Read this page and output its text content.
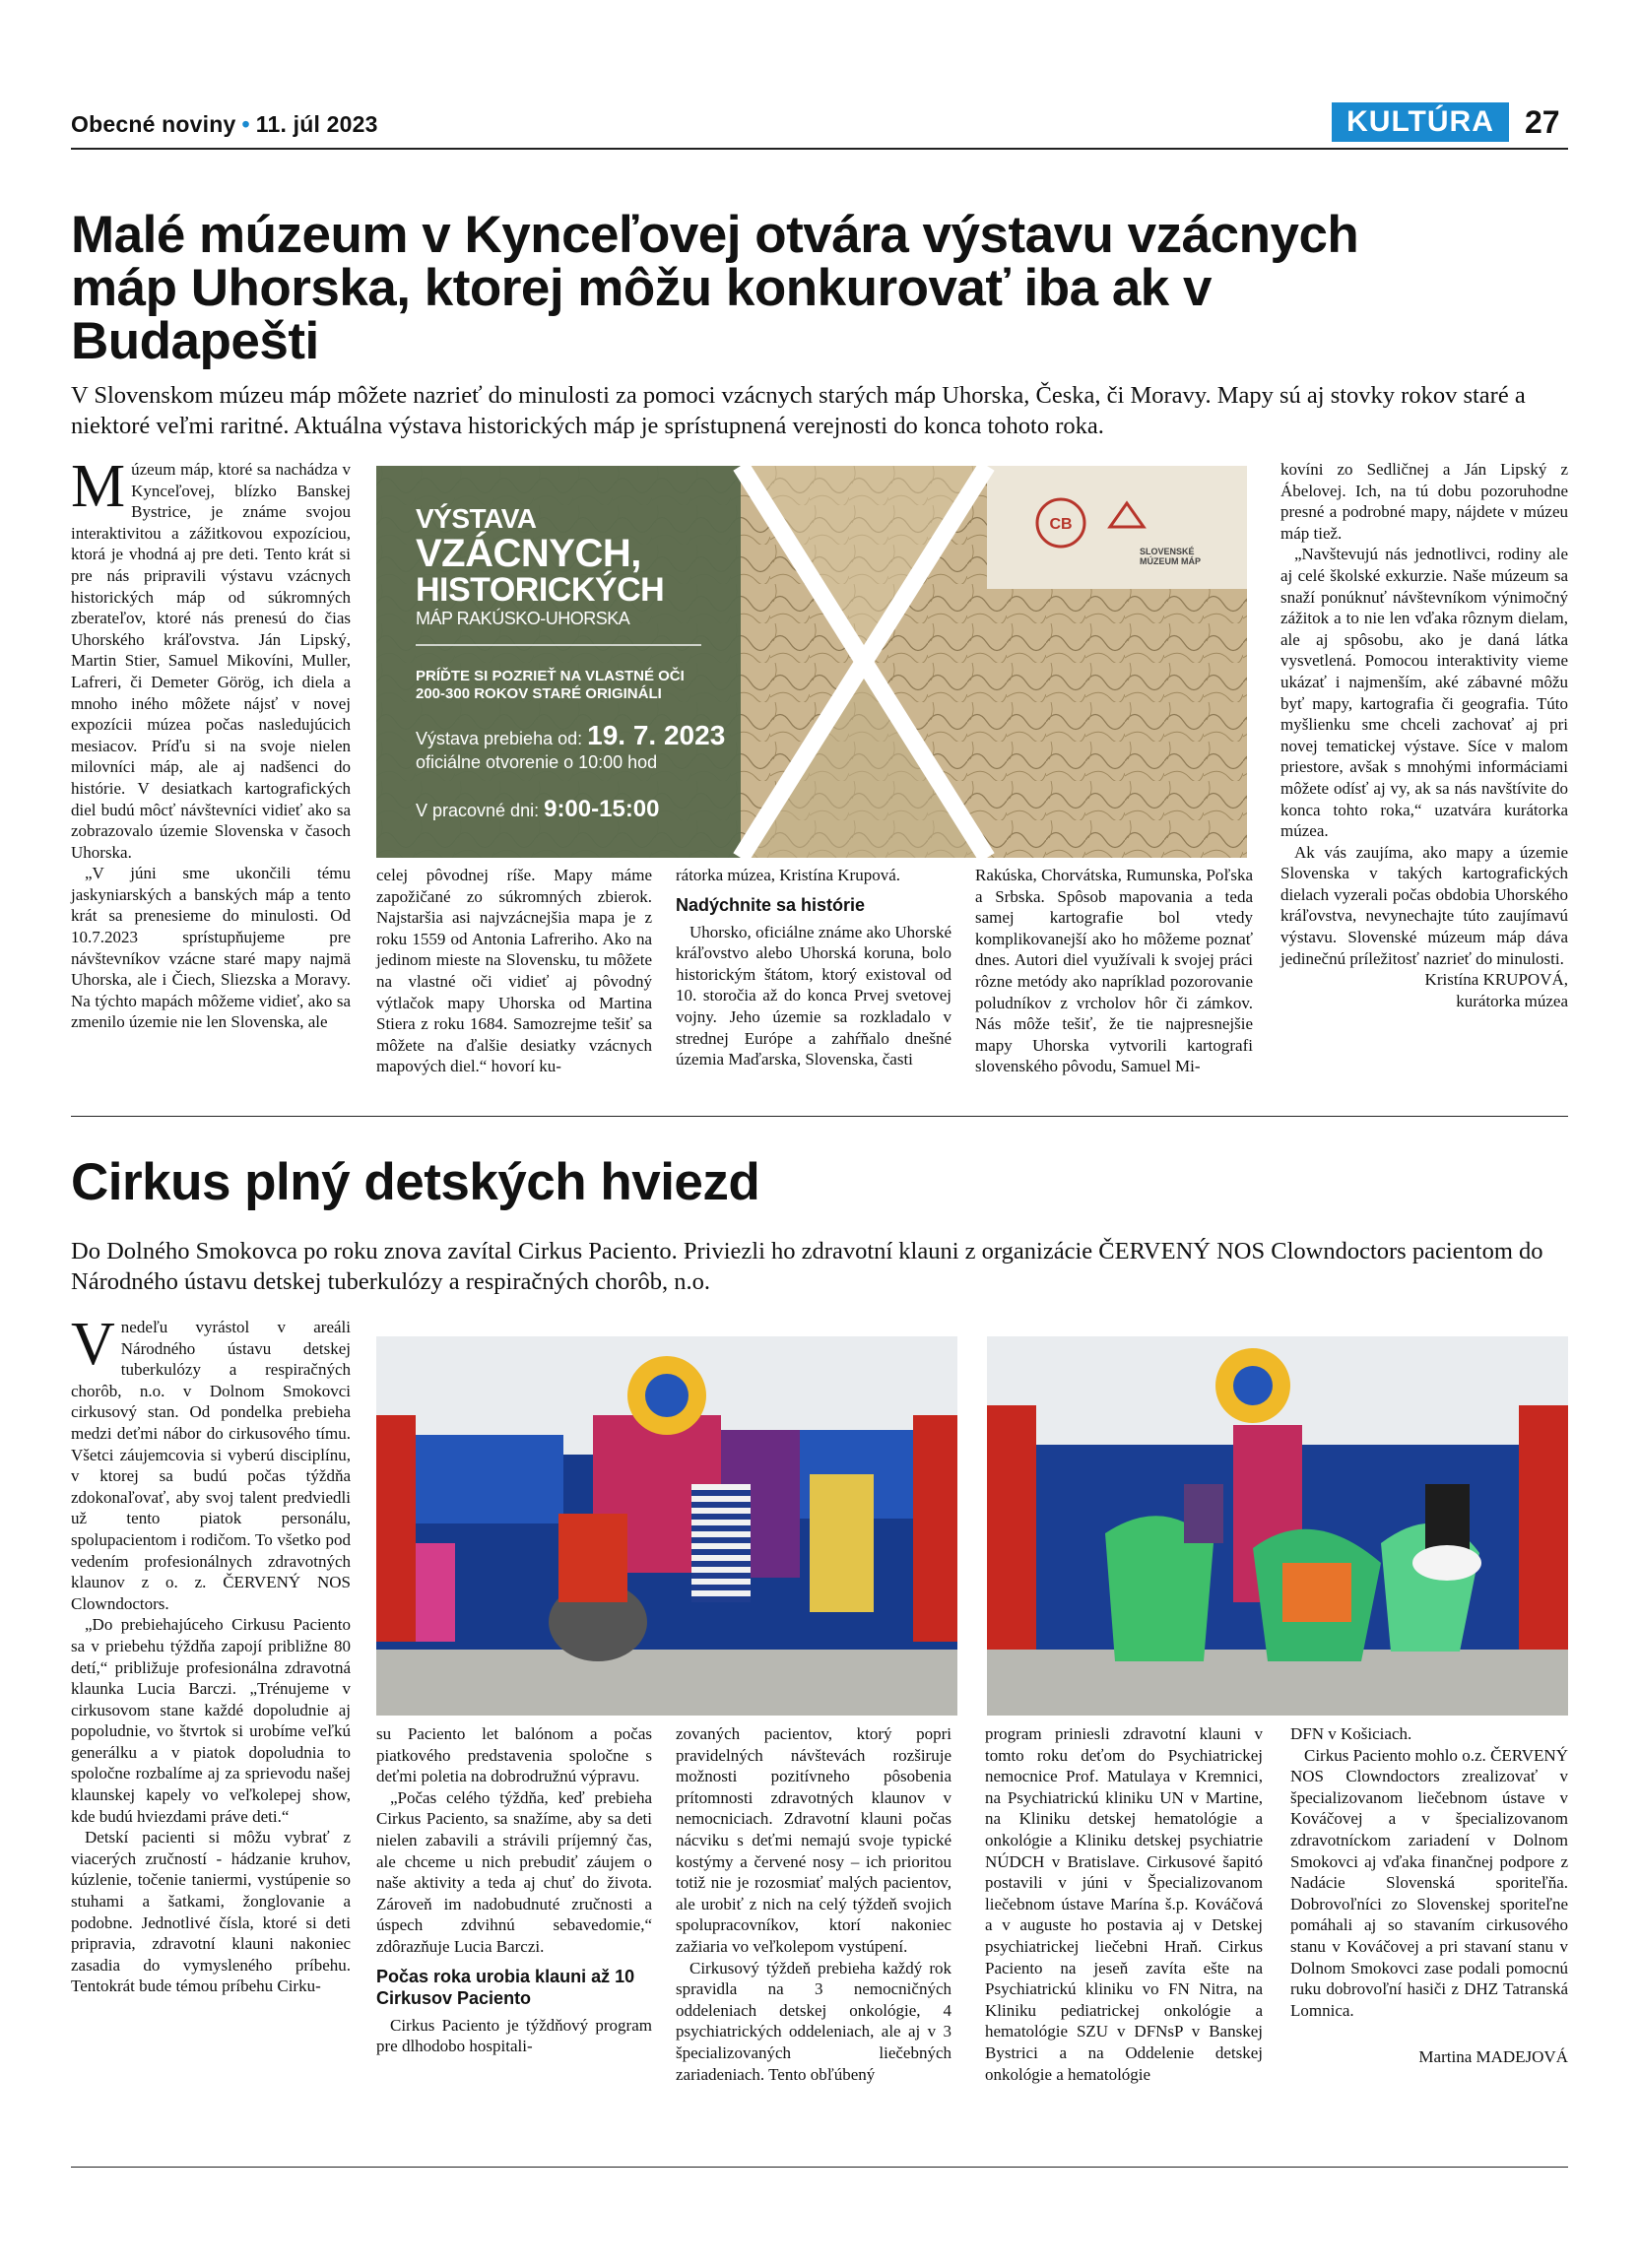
Obecné noviny • 11. júl 2023	KULTÚRA 27
Malé múzeum v Kynceľovej otvára výstavu vzácnych máp Uhorska, ktorej môžu konkurovať iba ak v Budapešti
V Slovenskom múzeu máp môžete nazrieť do minulosti za pomoci vzácnych starých máp Uhorska, Česka, či Moravy. Mapy sú aj stovky rokov staré a niektoré veľmi raritné. Aktuálna výstava historických máp je sprístupnená verejnosti do konca tohoto roka.

Múzeum máp, ktoré sa nachádza v Kynceľovej, blízko Banskej Bystrice, je známe svojou interaktivitou a zážitkovou expozíciou, ktorá je vhodná aj pre deti. Tento krát si pre nás pripravili výstavu vzácnych historických máp od súkromných zberateľov, ktoré nás prenesú do čias Uhorského kráľovstva. Ján Lipský, Martin Stier, Samuel Mikovíni, Muller, Lafreri, či Demeter Görög, ich diela a mnoho iného môžete nájsť v novej expozícii múzea počas nasledujúcich mesiacov. Príďu si na svoje nielen milovníci máp, ale aj nadšenci do histórie. V desiatkach kartografických diel budú môcť návštevníci vidieť ako sa zobrazovalo územie Slovenska v časoch Uhorska.

„V júni sme ukončili tému jaskyniarských a banských máp a tento krát sa prenesieme do minulosti. Od 10.7.2023 sprístupňujeme pre návštevníkov vzácne staré mapy najmä Uhorska, ale i Čiech, Sliezska a Moravy. Na týchto mapách môžeme vidieť, ako sa zmenilo územie nie len Slovenska, ale

CB
VÝSTAVA
VZÁCNYCH,
HISTORICKÝCH
MÁP RAKÚSKO-UHORSKA
PRÍĎTE SI POZRIEŤ NA VLASTNÉ OČI
200-300 ROKOV STARÉ ORIGINÁLI
Výstava prebieha od: 19. 7. 2023
oficiálne otvorenie o 10:00 hod
V pracovné dni: 9:00-15:00
SLOVENSKÉ MÚZEUM MÁP

celej pôvodnej ríše. Mapy máme zapožičané zo súkromných zbierok. Najstaršia asi najvzácnejšia mapa je z roku 1559 od Antonia Lafreriho. Ako na jedinom mieste na Slovensku, tu môžete na vlastné oči vidieť aj pôvodný výtlačok mapy Uhorska od Martina Stiera z roku 1684. Samozrejme tešiť sa môžete na ďalšie desiatky vzácnych mapových diel.“ hovorí ku-

rátorka múzea, Kristína Krupová.

Nadýchnite sa histórie

Uhorsko, oficiálne známe ako Uhorské kráľovstvo alebo Uhorská koruna, bolo historickým štátom, ktorý existoval od 10. storočia až do konca Prvej svetovej vojny. Jeho územie sa rozkladalo v strednej Európe a zahŕňalo dnešné územia Maďarska, Slovenska, časti

Rakúska, Chorvátska, Rumunska, Poľska a Srbska. Spôsob mapovania a teda samej kartografie bol vtedy komplikovanejší ako ho môžeme poznať dnes. Autori diel využívali k svojej práci rôzne metódy ako napríklad pozorovanie poludníkov z vrcholov hôr či zámkov. Nás môže tešiť, že tie najpresnejšie mapy Uhorska vytvorili kartografi slovenského pôvodu, Samuel Mi-

kovíni zo Sedličnej a Ján Lipský z Ábelovej. Ich, na tú dobu pozoruhodne presné a podrobné mapy, nájdete v múzeu máp tiež.

„Navštevujú nás jednotlivci, rodiny ale aj celé školské exkurzie. Naše múzeum sa snaží ponúknuť návštevníkom výnimočný zážitok a to nie len vďaka rôznym dielam, ale aj spôsobu, ako je daná látka vysvetlená. Pomocou interaktivity vieme ukázať i najmenším, aké zábavné môžu byť mapy, kartografia či geografia. Túto myšlienku sme chceli zachovať aj pri novej tematickej výstave. Síce v malom priestore, avšak s mnohými informáciami môžete odísť aj vy, ak sa nás navštívite do konca tohto roka,“ uzatvára kurátorka múzea.

Ak vás zaujíma, ako mapy a územie Slovenska v takých kartografických dielach vyzerali počas obdobia Uhorského kráľovstva, nevynechajte túto zaujímavú výstavu. Slovenské múzeum máp dáva jedinečnú príležitosť nazrieť do minulosti.

Kristína KRUPOVÁ,

kurátorka múzea

Cirkus plný detských hviezd
Do Dolného Smokovca po roku znova zavítal Cirkus Paciento. Priviezli ho zdravotní klauni z organizácie ČERVENÝ NOS Clowndoctors pacientom do Národného ústavu detskej tuberkulózy a respiračných chorôb, n.o.

Vnedeľu vyrástol v areáli Národného ústavu detskej tuberkulózy a respiračných chorôb, n.o. v Dolnom Smokovci cirkusový stan. Od pondelka prebieha medzi deťmi nábor do cirkusového tímu. Všetci záujemcovia si vyberú disciplínu, v ktorej sa budú počas týždňa zdokonaľovať, aby svoj talent predviedli už tento piatok personálu, spolupacientom i rodičom. To všetko pod vedením profesionálnych zdravotných klaunov z o. z. ČERVENÝ NOS Clowndoctors.

„Do prebiehajúceho Cirkusu Paciento sa v priebehu týždňa zapojí približne 80 detí,“ približuje profesionálna zdravotná klaunka Lucia Barczi. „Trénujeme v cirkusovom stane každé dopoludnie aj popoludnie, vo štvrtok si urobíme veľkú generálku a v piatok dopoludnia to spoločne rozbalíme aj za sprievodu našej klaunskej kapely vo veľkolepej show, kde budú hviezdami práve deti.“

Detskí pacienti si môžu vybrať z viacerých zručností - hádzanie kruhov, kúzlenie, točenie taniermi, vystúpenie so stuhami a šatkami, žonglovanie a podobne. Jednotlivé čísla, ktoré si deti pripravia, zdravotní klauni nakoniec zasadia do vymysleného príbehu. Tentokrát bude témou príbehu Cirku-

su Paciento let balónom a počas piatkového predstavenia spoločne s deťmi poletia na dobrodružnú výpravu.

„Počas celého týždňa, keď prebieha Cirkus Paciento, sa snažíme, aby sa deti nielen zabavili a strávili príjemný čas, ale chceme u nich prebudiť záujem o naše aktivity a teda aj chuť do života. Zároveň im nadobudnuté zručnosti a úspech zdvihnú sebavedomie,“ zdôrazňuje Lucia Barczi.

Počas roka urobia klauni až 10 Cirkusov Paciento

Cirkus Paciento je týždňový program pre dlhodobo hospitali-

zovaných pacientov, ktorý popri pravidelných návštevách rozširuje možnosti pozitívneho pôsobenia prítomnosti zdravotných klaunov v nemocniciach. Zdravotní klauni počas nácviku s deťmi nemajú svoje typické kostýmy a červené nosy – ich prioritou totiž nie je rozosmiať malých pacientov, ale urobiť z nich na celý týždeň svojich spolupracovníkov, ktorí nakoniec zažiaria vo veľkolepom vystúpení.

Cirkusový týždeň prebieha každý rok spravidla na 3 nemocničných oddeleniach detskej onkológie, 4 psychiatrických oddeleniach, ale aj v 3 špecializovaných liečebných zariadeniach. Tento obľúbený

program priniesli zdravotní klauni v tomto roku deťom do Psychiatrickej nemocnice Prof. Matulaya v Kremnici, na Psychiatrickú kliniku UN v Martine, na Kliniku detskej hematológie a onkológie a Kliniku detskej psychiatrie NÚDCH v Bratislave. Cirkusové šapitó postavili v júni v Špecializovanom liečebnom ústave Marína š.p. Kováčová a v auguste ho postavia aj v Detskej psychiatrickej liečebni Hraň. Cirkus Paciento na jeseň zavíta ešte na Psychiatrickú kliniku vo FN Nitra, na Kliniku pediatrickej onkológie a hematológie SZU v DFNsP v Banskej Bystrici a na Oddelenie detskej onkológie a hematológie

DFN v Košiciach.

Cirkus Paciento mohlo o.z. ČERVENÝ NOS Clowndoctors zrealizovať v špecializovanom liečebnom ústave v Kováčovej a v špecializovanom zdravotníckom zariadení v Dolnom Smokovci aj vďaka finančnej podpore z Nadácie Slovenská sporiteľňa. Dobrovoľníci zo Slovenskej sporiteľne pomáhali aj so stavaním cirkusového stanu v Kováčovej a pri stavaní stanu v Dolnom Smokovci zase podali pomocnú ruku dobrovoľní hasiči z DHZ Tatranská Lomnica.

Martina MADEJOVÁ
